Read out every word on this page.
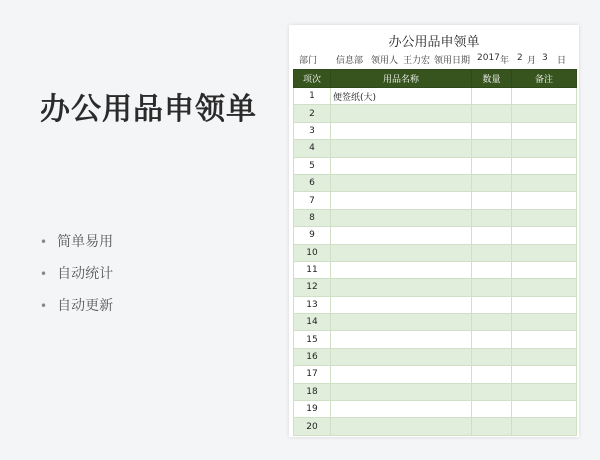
办公用品申领单
• 简单易用
• 自动统计
• 自动更新
办公用品申领单
部门 信息部 领用人 王力宏 领用日期 2017 年 2 月 3 日
项次	用品名称	数量	备注
1	便签纸(大)		
2			
3			
4			
5			
6			
7			
8			
9			
10			
11			
12			
13			
14			
15			
16			
17			
18			
19			
20			
